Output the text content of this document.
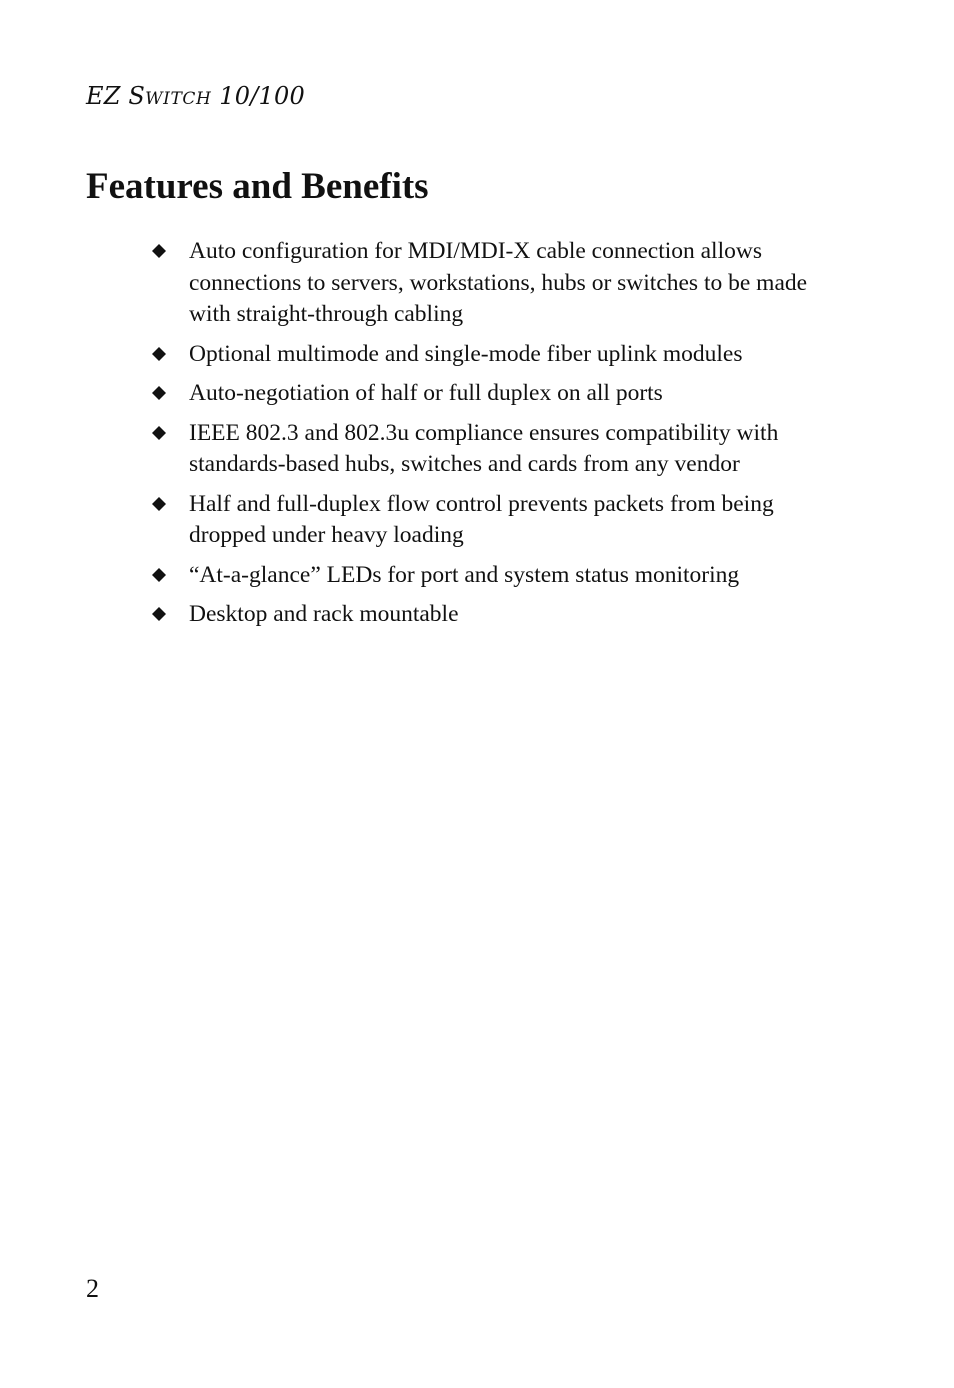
EZ SWITCH 10/100
Features and Benefits
Auto configuration for MDI/MDI-X cable connection allows connections to servers, workstations, hubs or switches to be made with straight-through cabling
Optional multimode and single-mode fiber uplink modules
Auto-negotiation of half or full duplex on all ports
IEEE 802.3 and 802.3u compliance ensures compatibility with standards-based hubs, switches and cards from any vendor
Half and full-duplex flow control prevents packets from being dropped under heavy loading
“At-a-glance” LEDs for port and system status monitoring
Desktop and rack mountable
2
